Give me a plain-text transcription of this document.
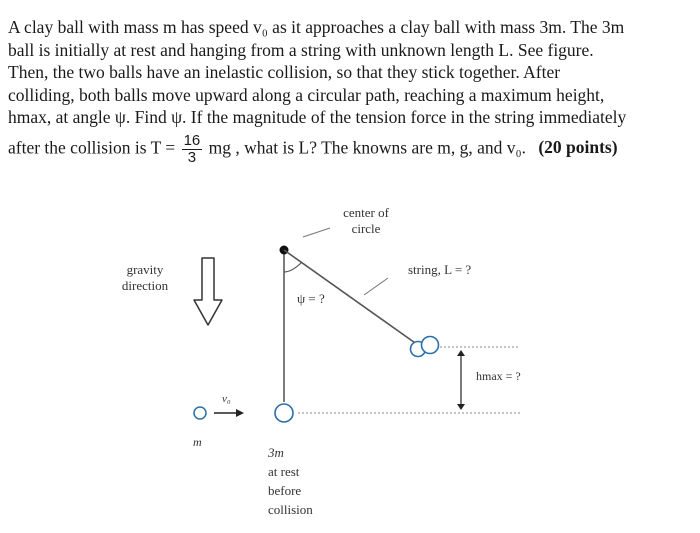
A clay ball with mass m has speed v₀ as it approaches a clay ball with mass 3m. The 3m
ball is initially at rest and hanging from a string with unknown length L. See figure.
Then, the two balls have an inelastic collision, so that they stick together. After
colliding, both balls move upward along a circular path, reaching a maximum height,
hmax, at angle ψ. Find ψ. If the magnitude of the tension force in the string immediately
after the collision is $T = \frac{16}{3}$ mg , what is L? The knowns are m, g, and v₀. (20 points)
center of
circle
gravity
direction
string, L = ?
ψ = ?
hmax = ?
v₀
m
3m
at rest
before
collision
